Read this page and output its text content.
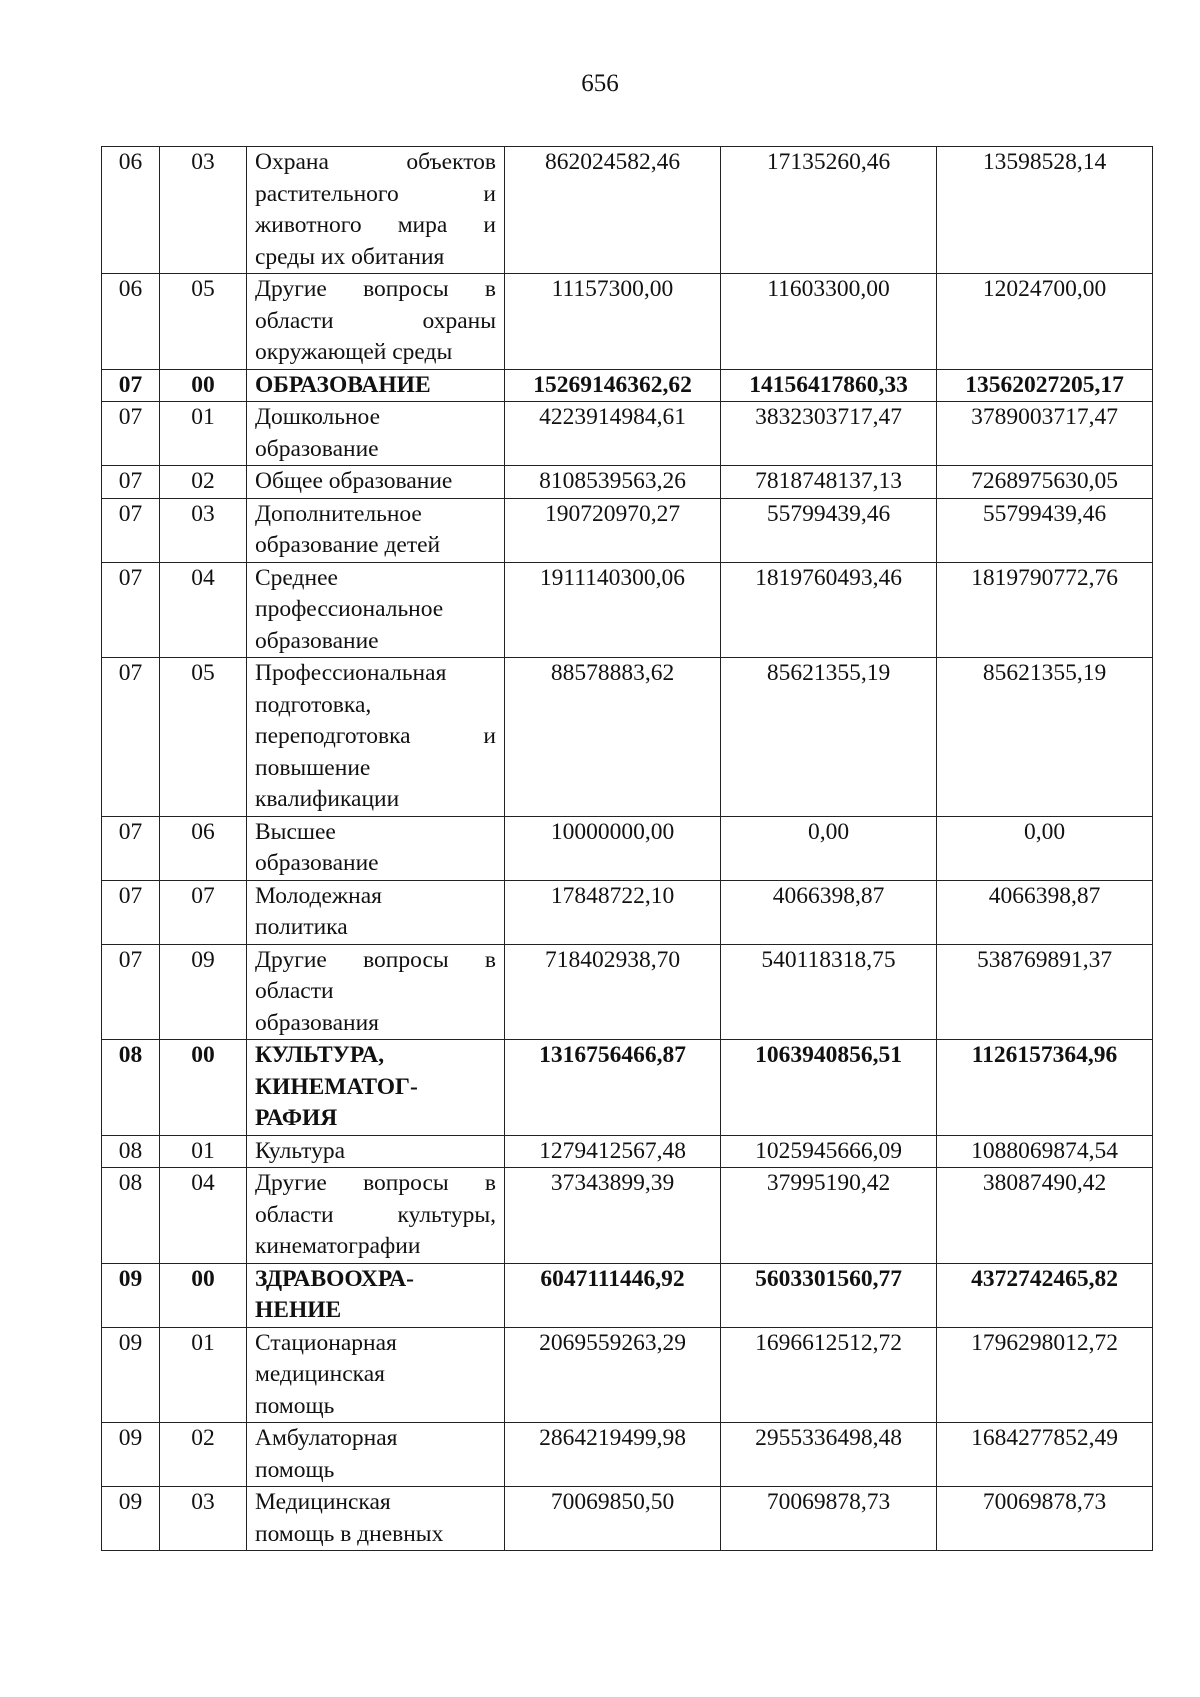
656
06	03	Охрана объектов
растительного и
животного мира и
среды их обитания	862024582,46	17135260,46	13598528,14
06	05	Другие вопросы в
области охраны
окружающей среды	11157300,00	11603300,00	12024700,00
07	00	ОБРАЗОВАНИЕ	15269146362,62	14156417860,33	13562027205,17
07	01	Дошкольное
образование	4223914984,61	3832303717,47	3789003717,47
07	02	Общее образование	8108539563,26	7818748137,13	7268975630,05
07	03	Дополнительное
образование детей	190720970,27	55799439,46	55799439,46
07	04	Среднее
профессиональное
образование	1911140300,06	1819760493,46	1819790772,76
07	05	Профессиональная
подготовка,
переподготовка и
повышение
квалификации	88578883,62	85621355,19	85621355,19
07	06	Высшее
образование	10000000,00	0,00	0,00
07	07	Молодежная
политика	17848722,10	4066398,87	4066398,87
07	09	Другие вопросы в
области
образования	718402938,70	540118318,75	538769891,37
08	00	КУЛЬТУРА,
КИНЕМАТОГ-
РАФИЯ	1316756466,87	1063940856,51	1126157364,96
08	01	Культура	1279412567,48	1025945666,09	1088069874,54
08	04	Другие вопросы в
области культуры,
кинематографии	37343899,39	37995190,42	38087490,42
09	00	ЗДРАВООХРА-
НЕНИЕ	6047111446,92	5603301560,77	4372742465,82
09	01	Стационарная
медицинская
помощь	2069559263,29	1696612512,72	1796298012,72
09	02	Амбулаторная
помощь	2864219499,98	2955336498,48	1684277852,49
09	03	Медицинская
помощь в дневных	70069850,50	70069878,73	70069878,73
